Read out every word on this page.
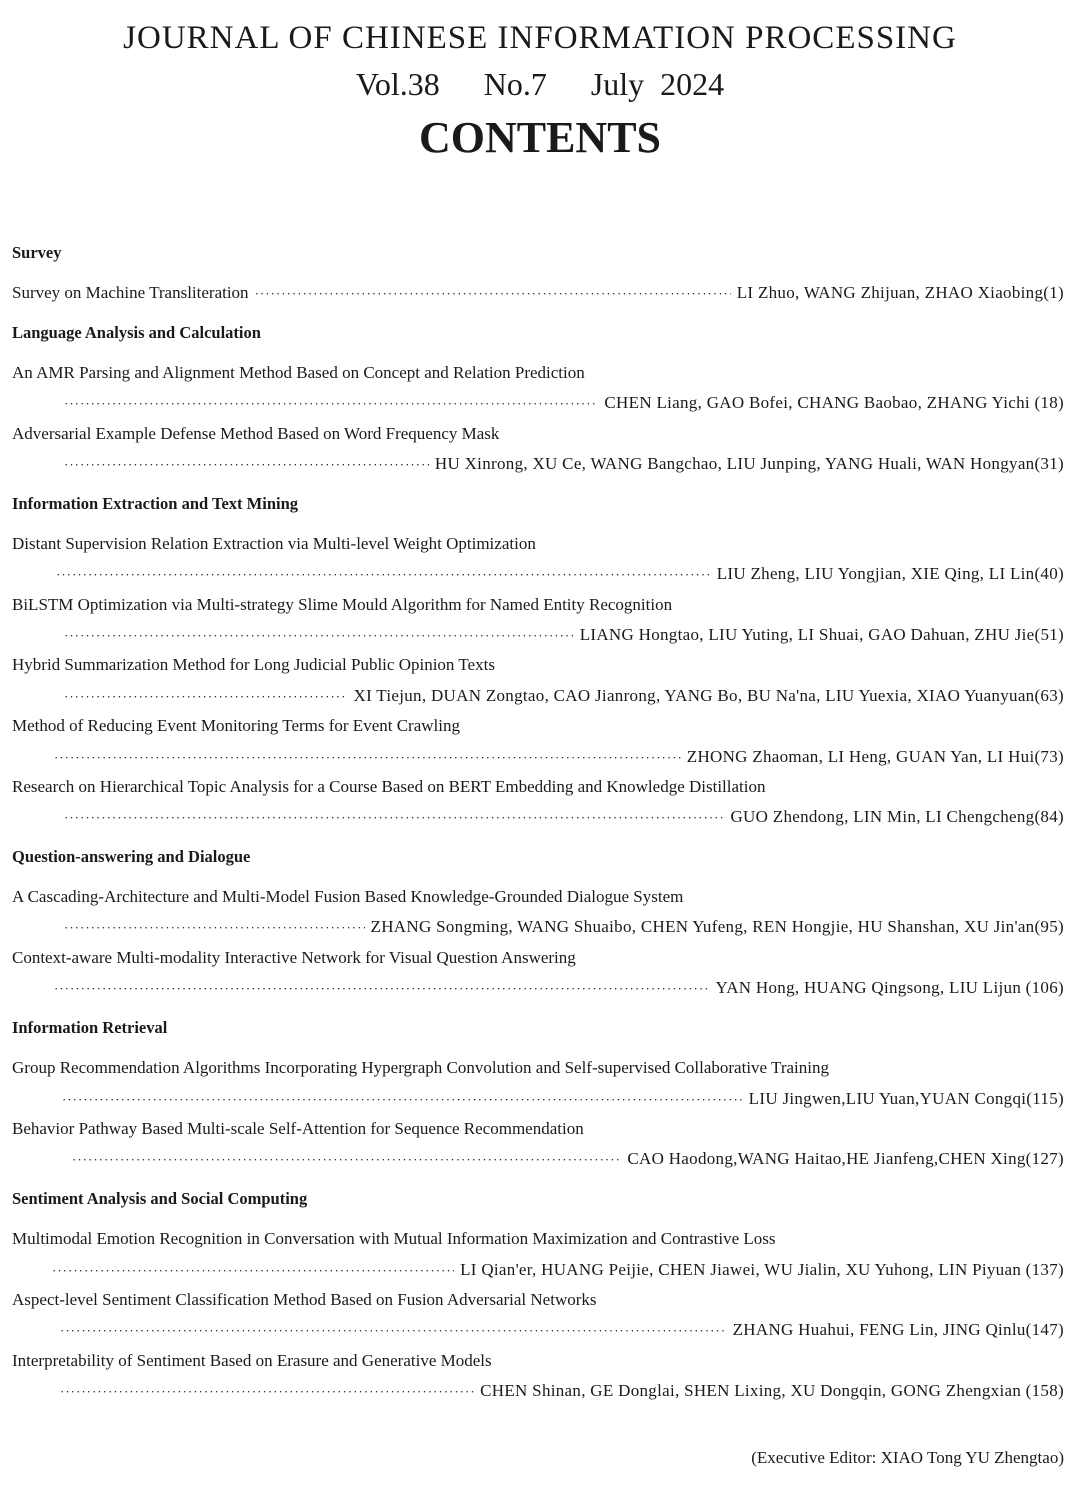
JOURNAL OF CHINESE INFORMATION PROCESSING
Vol.38 No.7 July 2024
CONTENTS
Survey
Survey on Machine Transliteration
·····	LI Zhuo, WANG Zhijuan, ZHAO Xiaobing(1)
Language Analysis and Calculation
An AMR Parsing and Alignment Method Based on Concept and Relation Prediction
·····
CHEN Liang, GAO Bofei, CHANG Baobao, ZHANG Yichi (18)
Adversarial Example Defense Method Based on Word Frequency Mask
·····
HU Xinrong, XU Ce, WANG Bangchao, LIU Junping, YANG Huali, WAN Hongyan(31)
Information Extraction and Text Mining
Distant Supervision Relation Extraction via Multi-level Weight Optimization
·····
LIU Zheng, LIU Yongjian, XIE Qing, LI Lin(40)
BiLSTM Optimization via Multi-strategy Slime Mould Algorithm for Named Entity Recognition
·····
LIANG Hongtao, LIU Yuting, LI Shuai, GAO Dahuan, ZHU Jie(51)
Hybrid Summarization Method for Long Judicial Public Opinion Texts
·····
XI Tiejun, DUAN Zongtao, CAO Jianrong, YANG Bo, BU Na'na, LIU Yuexia, XIAO Yuanyuan(63)
Method of Reducing Event Monitoring Terms for Event Crawling
·····
ZHONG Zhaoman, LI Heng, GUAN Yan, LI Hui(73)
Research on Hierarchical Topic Analysis for a Course Based on BERT Embedding and Knowledge Distillation
·····
GUO Zhendong, LIN Min, LI Chengcheng(84)
Question-answering and Dialogue
A Cascading-Architecture and Multi-Model Fusion Based Knowledge-Grounded Dialogue System
·····
ZHANG Songming, WANG Shuaibo, CHEN Yufeng, REN Hongjie, HU Shanshan, XU Jin'an(95)
Context-aware Multi-modality Interactive Network for Visual Question Answering
·····
YAN Hong, HUANG Qingsong, LIU Lijun (106)
Information Retrieval
Group Recommendation Algorithms Incorporating Hypergraph Convolution and Self-supervised Collaborative Training
·····
LIU Jingwen,LIU Yuan,YUAN Congqi(115)
Behavior Pathway Based Multi-scale Self-Attention for Sequence Recommendation
·····
CAO Haodong,WANG Haitao,HE Jianfeng,CHEN Xing(127)
Sentiment Analysis and Social Computing
Multimodal Emotion Recognition in Conversation with Mutual Information Maximization and Contrastive Loss
·····
LI Qian'er, HUANG Peijie, CHEN Jiawei, WU Jialin, XU Yuhong, LIN Piyuan (137)
Aspect-level Sentiment Classification Method Based on Fusion Adversarial Networks
·····
ZHANG Huahui, FENG Lin, JING Qinlu(147)
Interpretability of Sentiment Based on Erasure and Generative Models
·····
CHEN Shinan, GE Donglai, SHEN Lixing, XU Dongqin, GONG Zhengxian (158)
(Executive Editor: XIAO Tong YU Zhengtao)
